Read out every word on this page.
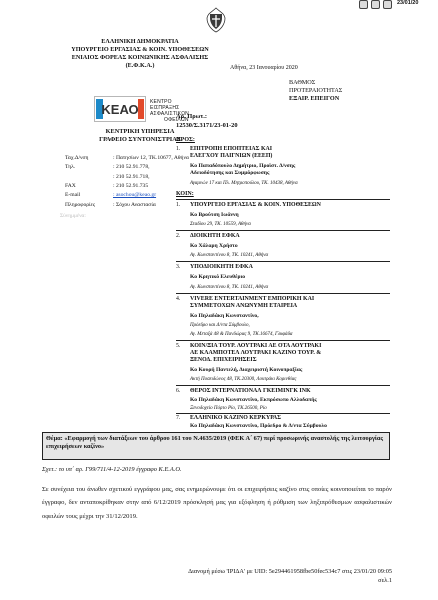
23/01/20
ΕΛΛΗΝΙΚΗ ΔΗΜΟΚΡΑΤΙΑ
ΥΠΟΥΡΓΕΙΟ ΕΡΓΑΣΙΑΣ & ΚΟΙΝ. ΥΠΟΘΕΣΕΩΝ
ΕΝΙΑΙΟΣ ΦΟΡΕΑΣ ΚΟΙΝΩΝΙΚΗΣ ΑΣΦΑΛΙΣΗΣ
(Ε.Φ.Κ.Α.)
ΚΕΑΟ ΚΕΝΤΡΟ
ΕΙΣΠΡΑΞΗΣ
ΑΣΦΑΛΙΣΤΙΚΩΝ
ΟΦΕΙΛΩΝ
ΚΕΝΤΡΙΚΗ ΥΠΗΡΕΣΙΑ
ΓΡΑΦΕΙΟ ΣΥΝΤΟΝΙΣΤΡΙΑΣ
Ταχ.Δ/νση	: Πατησίων 12, ΤΚ.10677, Αθήνα
Τηλ.	: 210 52.91.778,
: 210 52.91.718,
FAX	: 210 52.91.735
E-mail	: asochou@keao.gr
Πληροφορίες	: Σόχου Αναστασία
Σύνημμένα:
Αθήνα, 23 Ιανουαρίου 2020
ΒΑΘΜΟΣ
ΠΡΟΤΕΡΑΙΟΤΗΤΑΣ
ΕΞΑΙΡ. ΕΠΕΙΓΟΝ
Αρ. Πρωτ.:
12530/Σ.3171/23-01-20
ΠΡΟΣ:
1. ΕΠΙΤΡΟΠΗ ΕΠΟΠΤΕΙΑΣ ΚΑΙ
ΕΛΕΓΧΟΥ ΠΑΙΓΝΙΩΝ (ΕΕΕΠ)
Κο Παπαδόπουλο Δημήτριο, Προϊστ. Δ/νσης
Αδειοδότησης και Συμμόρφωσης
Αγαμνών 17 και Πλ. Μητροπούλου, ΤΚ. 10438, Αθήνα
ΚΟΙΝ:
1. ΥΠΟΥΡΓΕΙΟ ΕΡΓΑΣΙΑΣ & ΚΟΙΝ. ΥΠΟΘΕΣΕΩΝ
Κο Βρούτση Ιωάννη
Σταδίου 29, ΤΚ. 10559, Αθήνα
2. ΔΙΟΙΚΗΤΗ ΕΦΚΑ
Κο Χάλαρη Χρήστο
Αγ. Κωνσταντίνου 8, ΤΚ. 10241, Αθήνα
3. ΥΠΟΔΙΟΙΚΗΤΗ ΕΦΚΑ
Κο Κρητικό Ελευθέριο
Αγ. Κωνσταντίνου 8, ΤΚ. 10241, Αθήνα
4. VIVERE ENTERTAINMENT ΕΜΠΟΡΙΚΗ ΚΑΙ
ΣΥΜΜΕΤΟΧΩΝ ΑΝΩΝΥΜΗ ΕΤΑΙΡΕΙΑ
Κο Πηλαδάκη Κωνσταντίνο,
Πρόεδρο και Δ/ντα Σύμβουλο,
Αγ. Μεταξά 48 & Πανδώρας 9, ΤΚ.16674, Γλυφάδα
5. ΚΟΙΝ/ΞΙΑ ΤΟΥΡ. ΛΟΥΤΡΑΚΙ ΑΕ ΟΤΑ ΛΟΥΤΡΑΚΙ
ΑΕ ΚΛΑΜΠΟΤΕΛ ΛΟΥΤΡΑΚΙ ΚΑΖΙΝΟ ΤΟΥΡ. &
ΞΕΝΟΔ. ΕΠΙΧΕΙΡΗΣΕΙΣ
Κο Κουρή Παντελή, Διαχειριστή Κοινοπραξίας
Ακτή Ποσειδώνος 48, ΤΚ.20300, Λουτράκι Κορινθίας
6. ΘΕΡΟΣ ΙΝΤΕΡΝΑΤΙΟΝΑΛ ΓΚΕΙΜΙΝΓΚ ΙΝΚ
Κο Πηλαδάκη Κωνσταντίνο, Εκπρόσωπο Αλλοδαπής
Ξενοδοχείο Πόρτο Ρίο, ΤΚ.26500, Ρίο
7. ΕΛΛΗΝΙΚΟ ΚΑΖΙΝΟ ΚΕΡΚΥΡΑΣ
Κο Πηλαδάκη Κωνσταντίνο, Πρόεδρο & Δ/ντα Σύμβουλο
Θέμα: «Εφαρμογή των διατάξεων του άρθρου 161 του Ν.4635/2019 (ΦΕΚ Α΄ 67) περί προσωρινής αναστολής της λειτουργίας επιχειρήσεων καζίνο»
Σχετ.: το υπ΄ αρ. Γ99/711/4-12-2019 έγγραφο Κ.Ε.Α.Ο.
Σε συνέχεια του άνωθεν σχετικού εγγράφου μας, σας ενημερώνουμε ότι οι επιχειρήσεις καζίνο στις οποίες κοινοποιείται το παρόν έγγραφο, δεν ανταποκρίθηκαν στην από 6/12/2019 πρόσκλησή μας για εξόφληση ή ρύθμιση των ληξιπρόθεσμων ασφαλιστικών οφειλών τους μέχρι την 31/12/2019.
Διανομή μέσω 'ΙΡΙΔΑ' με UID: 5e294461958fbe50fec534c7 στις 23/01/20 09:05
σελ.1
